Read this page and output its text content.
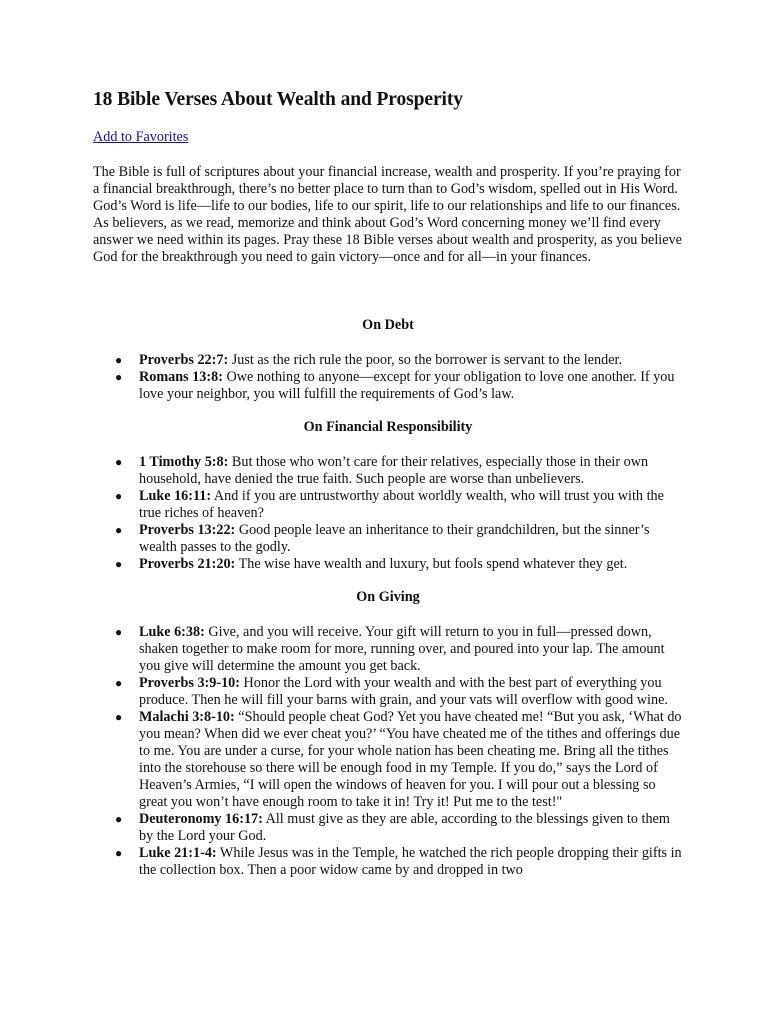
18 Bible Verses About Wealth and Prosperity
Add to Favorites

The Bible is full of scriptures about your financial increase, wealth and prosperity. If you’re praying for a financial breakthrough, there’s no better place to turn than to God’s wisdom, spelled out in His Word. God’s Word is life—life to our bodies, life to our spirit, life to our relationships and life to our finances. As believers, as we read, memorize and think about God’s Word concerning money we’ll find every answer we need within its pages. Pray these 18 Bible verses about wealth and prosperity, as you believe God for the breakthrough you need to gain victory—once and for all—in your finances.

On Debt
● Proverbs 22:7: Just as the rich rule the poor, so the borrower is servant to the lender.
● Romans 13:8: Owe nothing to anyone—except for your obligation to love one another. If you love your neighbor, you will fulfill the requirements of God’s law.
On Financial Responsibility
● 1 Timothy 5:8: But those who won’t care for their relatives, especially those in their own household, have denied the true faith. Such people are worse than unbelievers.
● Luke 16:11: And if you are untrustworthy about worldly wealth, who will trust you with the true riches of heaven?
● Proverbs 13:22: Good people leave an inheritance to their grandchildren, but the sinner’s wealth passes to the godly.
● Proverbs 21:20: The wise have wealth and luxury, but fools spend whatever they get.
On Giving
● Luke 6:38: Give, and you will receive. Your gift will return to you in full—pressed down, shaken together to make room for more, running over, and poured into your lap. The amount you give will determine the amount you get back.
● Proverbs 3:9-10: Honor the Lord with your wealth and with the best part of everything you produce. Then he will fill your barns with grain, and your vats will overflow with good wine.
● Malachi 3:8-10: “Should people cheat God? Yet you have cheated me! “But you ask, ‘What do you mean? When did we ever cheat you?’ “You have cheated me of the tithes and offerings due to me. You are under a curse, for your whole nation has been cheating me. Bring all the tithes into the storehouse so there will be enough food in my Temple. If you do,” says the Lord of Heaven’s Armies, “I will open the windows of heaven for you. I will pour out a blessing so great you won’t have enough room to take it in! Try it! Put me to the test!"
● Deuteronomy 16:17: All must give as they are able, according to the blessings given to them by the Lord your God.
● Luke 21:1-4: While Jesus was in the Temple, he watched the rich people dropping their gifts in the collection box. Then a poor widow came by and dropped in two
